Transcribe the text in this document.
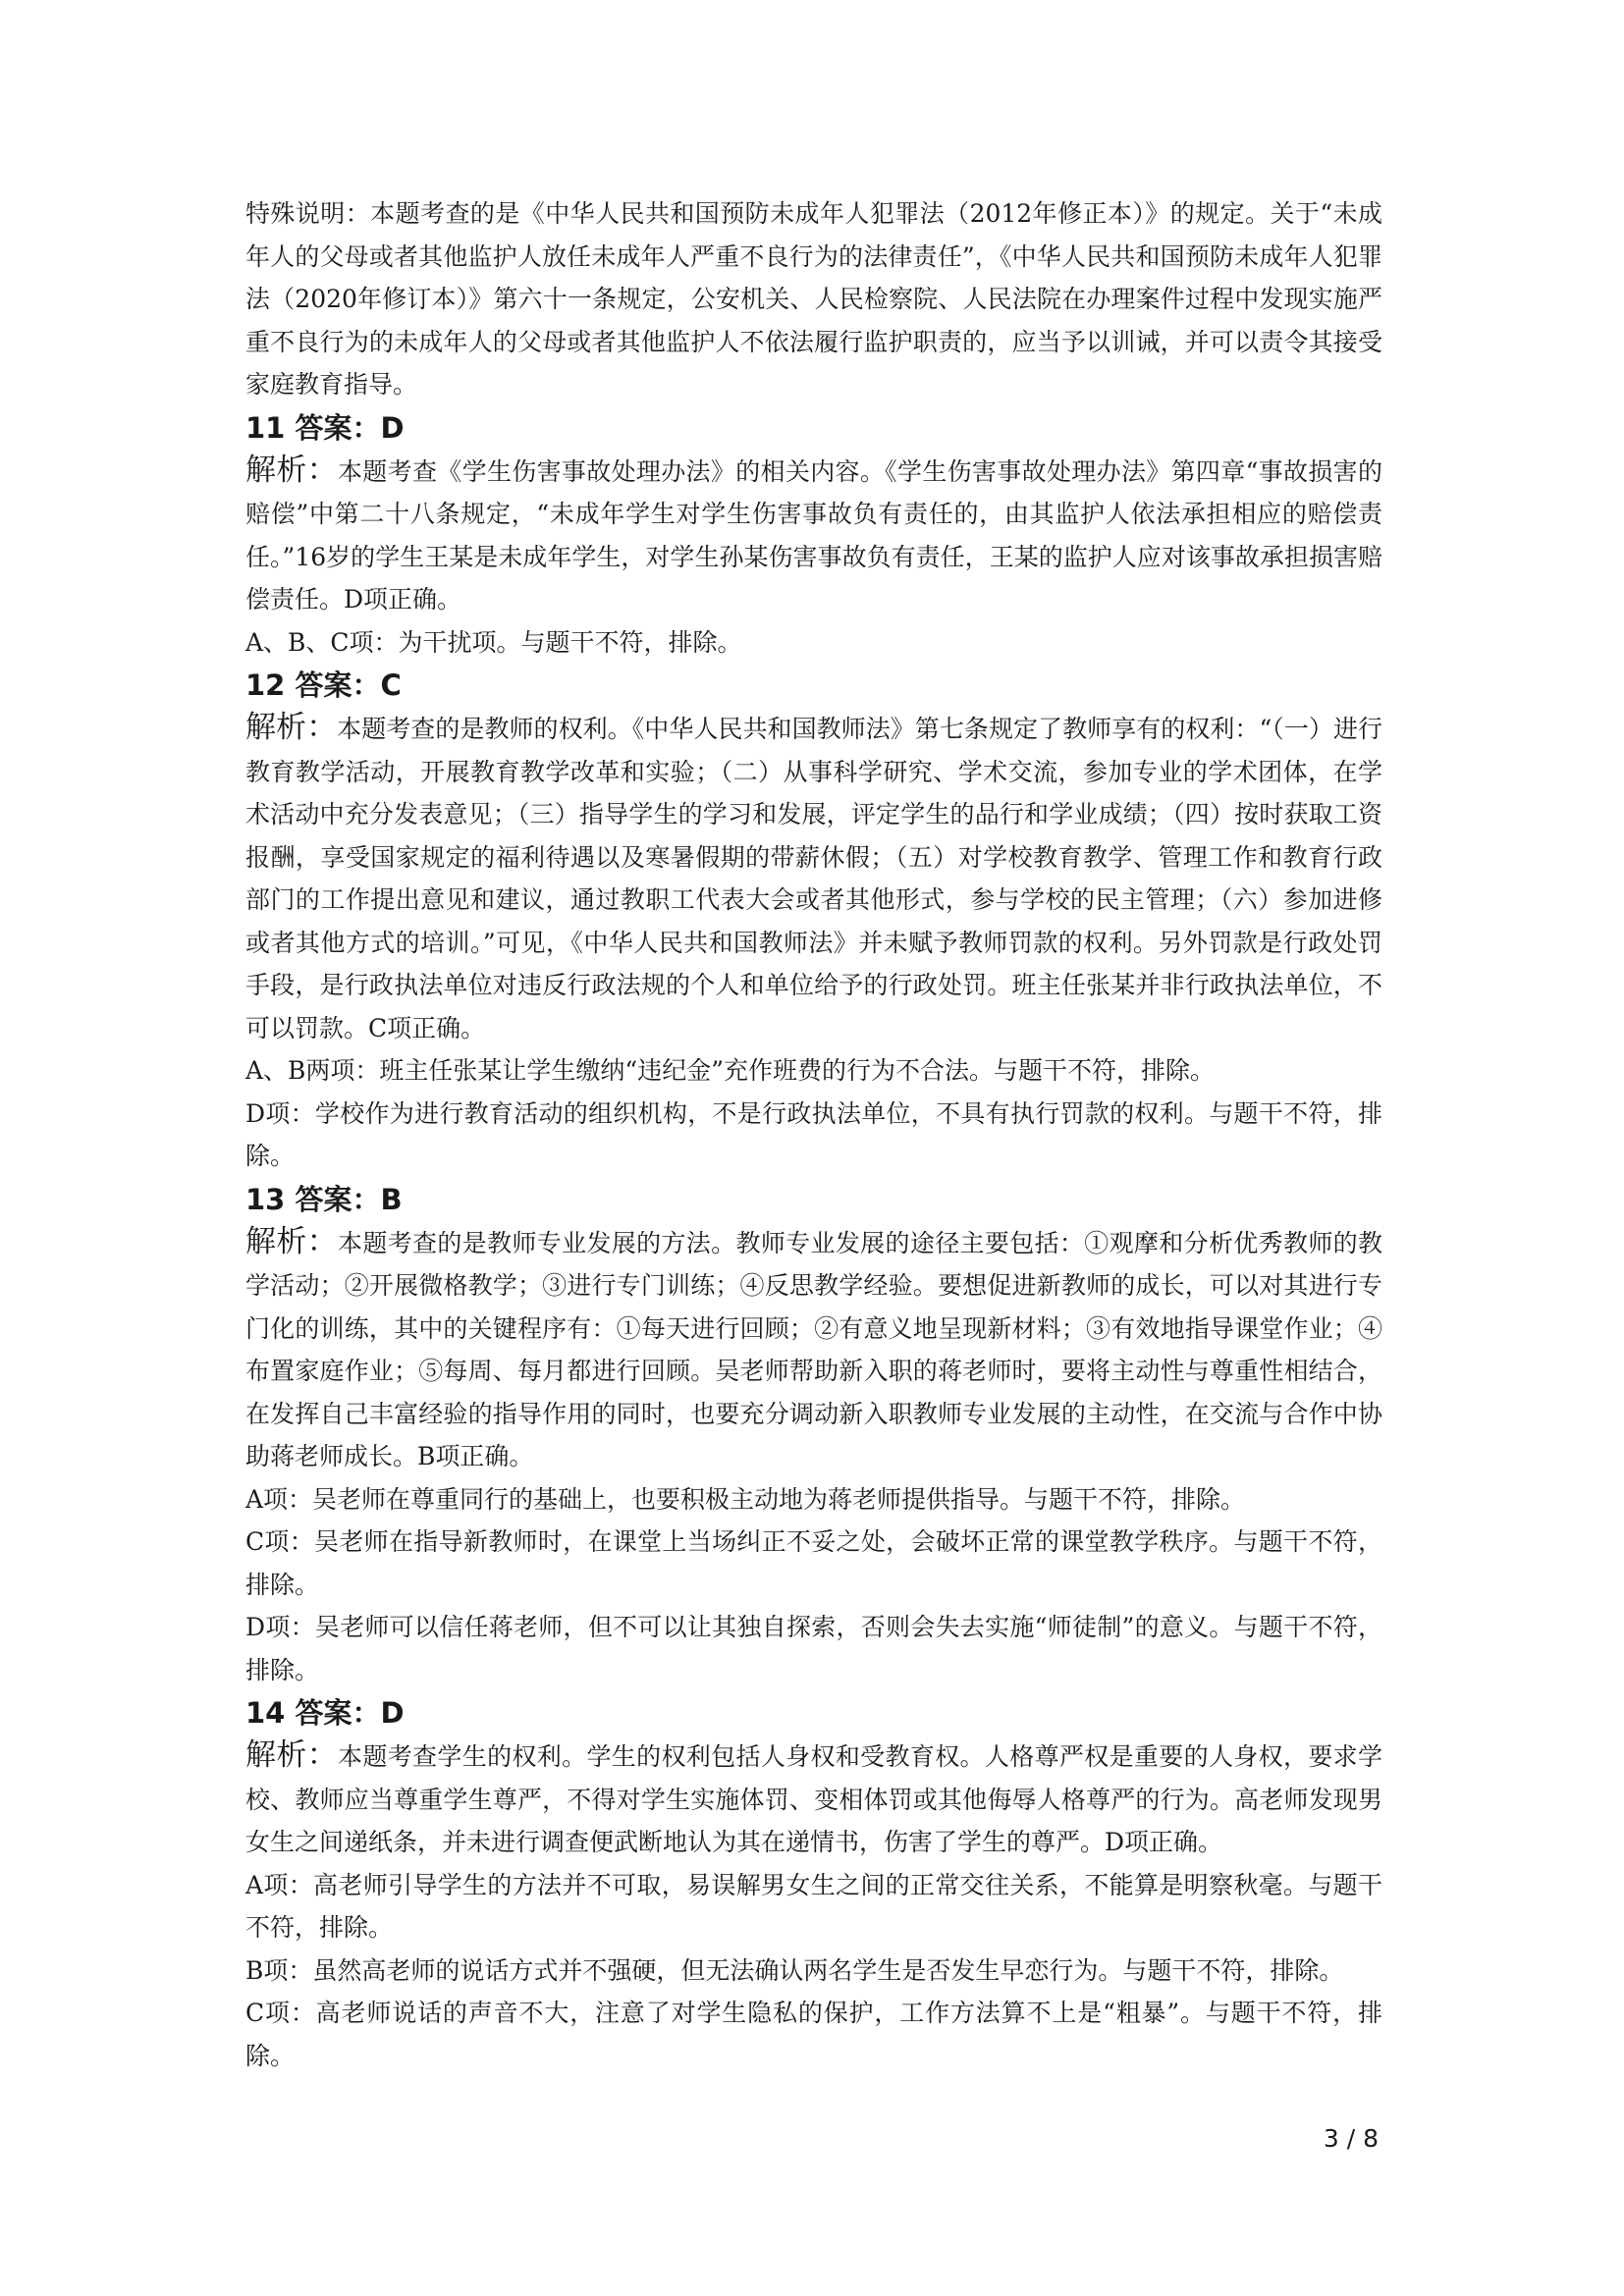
特殊说明：本题考查的是《中华人民共和国预防未成年人犯罪法（2012年修正本）》的规定。关于“未成年人的父母或者其他监护人放任未成年人严重不良行为的法律责任”，《中华人民共和国预防未成年人犯罪法（2020年修订本）》第六十一条规定，公安机关、人民检察院、人民法院在办理案件过程中发现实施严重不良行为的未成年人的父母或者其他监护人不依法履行监护职责的，应当予以训诫，并可以责令其接受家庭教育指导。

11 答案：D

解析：本题考查《学生伤害事故处理办法》的相关内容。《学生伤害事故处理办法》第四章“事故损害的赔偿”中第二十八条规定，“未成年学生对学生伤害事故负有责任的，由其监护人依法承担相应的赔偿责任。”16岁的学生王某是未成年学生，对学生孙某伤害事故负有责任，王某的监护人应对该事故承担损害赔偿责任。D项正确。

A、B、C项：为干扰项。与题干不符，排除。

12 答案：C

解析：本题考查的是教师的权利。《中华人民共和国教师法》第七条规定了教师享有的权利：“（一）进行教育教学活动，开展教育教学改革和实验；（二）从事科学研究、学术交流，参加专业的学术团体，在学术活动中充分发表意见；（三）指导学生的学习和发展，评定学生的品行和学业成绩；（四）按时获取工资报酬，享受国家规定的福利待遇以及寒暑假期的带薪休假；（五）对学校教育教学、管理工作和教育行政部门的工作提出意见和建议，通过教职工代表大会或者其他形式，参与学校的民主管理；（六）参加进修或者其他方式的培训。”可见，《中华人民共和国教师法》并未赋予教师罚款的权利。另外罚款是行政处罚手段，是行政执法单位对违反行政法规的个人和单位给予的行政处罚。班主任张某并非行政执法单位，不可以罚款。C项正确。

A、B两项：班主任张某让学生缴纳“违纪金”充作班费的行为不合法。与题干不符，排除。

D项：学校作为进行教育活动的组织机构，不是行政执法单位，不具有执行罚款的权利。与题干不符，排除。

13 答案：B

解析：本题考查的是教师专业发展的方法。教师专业发展的途径主要包括：①观摩和分析优秀教师的教学活动；②开展微格教学；③进行专门训练；④反思教学经验。要想促进新教师的成长，可以对其进行专门化的训练，其中的关键程序有：①每天进行回顾；②有意义地呈现新材料；③有效地指导课堂作业；④布置家庭作业；⑤每周、每月都进行回顾。吴老师帮助新入职的蒋老师时，要将主动性与尊重性相结合，在发挥自己丰富经验的指导作用的同时，也要充分调动新入职教师专业发展的主动性，在交流与合作中协助蒋老师成长。B项正确。

A项：吴老师在尊重同行的基础上，也要积极主动地为蒋老师提供指导。与题干不符，排除。

C项：吴老师在指导新教师时，在课堂上当场纠正不妥之处，会破坏正常的课堂教学秩序。与题干不符，排除。

D项：吴老师可以信任蒋老师，但不可以让其独自探索，否则会失去实施“师徒制”的意义。与题干不符，排除。

14 答案：D

解析：本题考查学生的权利。学生的权利包括人身权和受教育权。人格尊严权是重要的人身权，要求学校、教师应当尊重学生尊严，不得对学生实施体罚、变相体罚或其他侮辱人格尊严的行为。高老师发现男女生之间递纸条，并未进行调查便武断地认为其在递情书，伤害了学生的尊严。D项正确。

A项：高老师引导学生的方法并不可取，易误解男女生之间的正常交往关系，不能算是明察秋毫。与题干不符，排除。

B项：虽然高老师的说话方式并不强硬，但无法确认两名学生是否发生早恋行为。与题干不符，排除。

C项：高老师说话的声音不大，注意了对学生隐私的保护，工作方法算不上是“粗暴”。与题干不符，排除。

3 / 8
